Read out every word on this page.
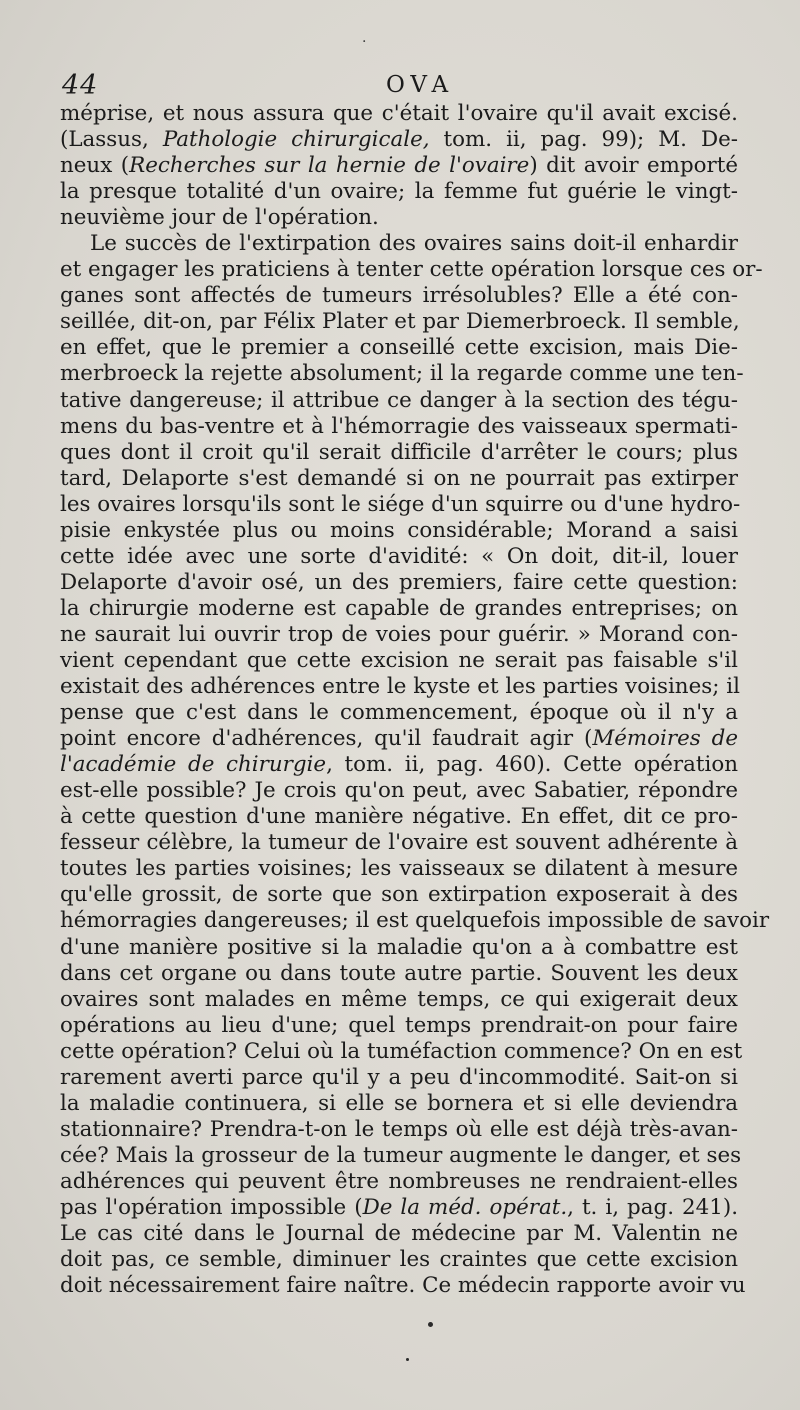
·
44	OVA
méprise, et nous assura que c'était l'ovaire qu'il avait excisé.
(Lassus, Pathologie chirurgicale, tom. ii, pag. 99); M. De-
neux (Recherches sur la hernie de l'ovaire) dit avoir emporté
la presque totalité d'un ovaire; la femme fut guérie le vingt-
neuvième jour de l'opération.
Le succès de l'extirpation des ovaires sains doit-il enhardir
et engager les praticiens à tenter cette opération lorsque ces or-
ganes sont affectés de tumeurs irrésolubles? Elle a été con-
seillée, dit-on, par Félix Plater et par Diemerbroeck. Il semble,
en effet, que le premier a conseillé cette excision, mais Die-
merbroeck la rejette absolument; il la regarde comme une ten-
tative dangereuse; il attribue ce danger à la section des tégu-
mens du bas-ventre et à l'hémorragie des vaisseaux spermati-
ques dont il croit qu'il serait difficile d'arrêter le cours; plus
tard, Delaporte s'est demandé si on ne pourrait pas extirper
les ovaires lorsqu'ils sont le siége d'un squirre ou d'une hydro-
pisie enkystée plus ou moins considérable; Morand a saisi
cette idée avec une sorte d'avidité: « On doit, dit-il, louer
Delaporte d'avoir osé, un des premiers, faire cette question:
la chirurgie moderne est capable de grandes entreprises; on
ne saurait lui ouvrir trop de voies pour guérir. » Morand con-
vient cependant que cette excision ne serait pas faisable s'il
existait des adhérences entre le kyste et les parties voisines; il
pense que c'est dans le commencement, époque où il n'y a
point encore d'adhérences, qu'il faudrait agir (Mémoires de
l'académie de chirurgie, tom. ii, pag. 460). Cette opération
est-elle possible? Je crois qu'on peut, avec Sabatier, répondre
à cette question d'une manière négative. En effet, dit ce pro-
fesseur célèbre, la tumeur de l'ovaire est souvent adhérente à
toutes les parties voisines; les vaisseaux se dilatent à mesure
qu'elle grossit, de sorte que son extirpation exposerait à des
hémorragies dangereuses; il est quelquefois impossible de savoir
d'une manière positive si la maladie qu'on a à combattre est
dans cet organe ou dans toute autre partie. Souvent les deux
ovaires sont malades en même temps, ce qui exigerait deux
opérations au lieu d'une; quel temps prendrait-on pour faire
cette opération? Celui où la tuméfaction commence? On en est
rarement averti parce qu'il y a peu d'incommodité. Sait-on si
la maladie continuera, si elle se bornera et si elle deviendra
stationnaire? Prendra-t-on le temps où elle est déjà très-avan-
cée? Mais la grosseur de la tumeur augmente le danger, et ses
adhérences qui peuvent être nombreuses ne rendraient-elles
pas l'opération impossible (De la méd. opérat., t. i, pag. 241).
Le cas cité dans le Journal de médecine par M. Valentin ne
doit pas, ce semble, diminuer les craintes que cette excision
doit nécessairement faire naître. Ce médecin rapporte avoir vu
